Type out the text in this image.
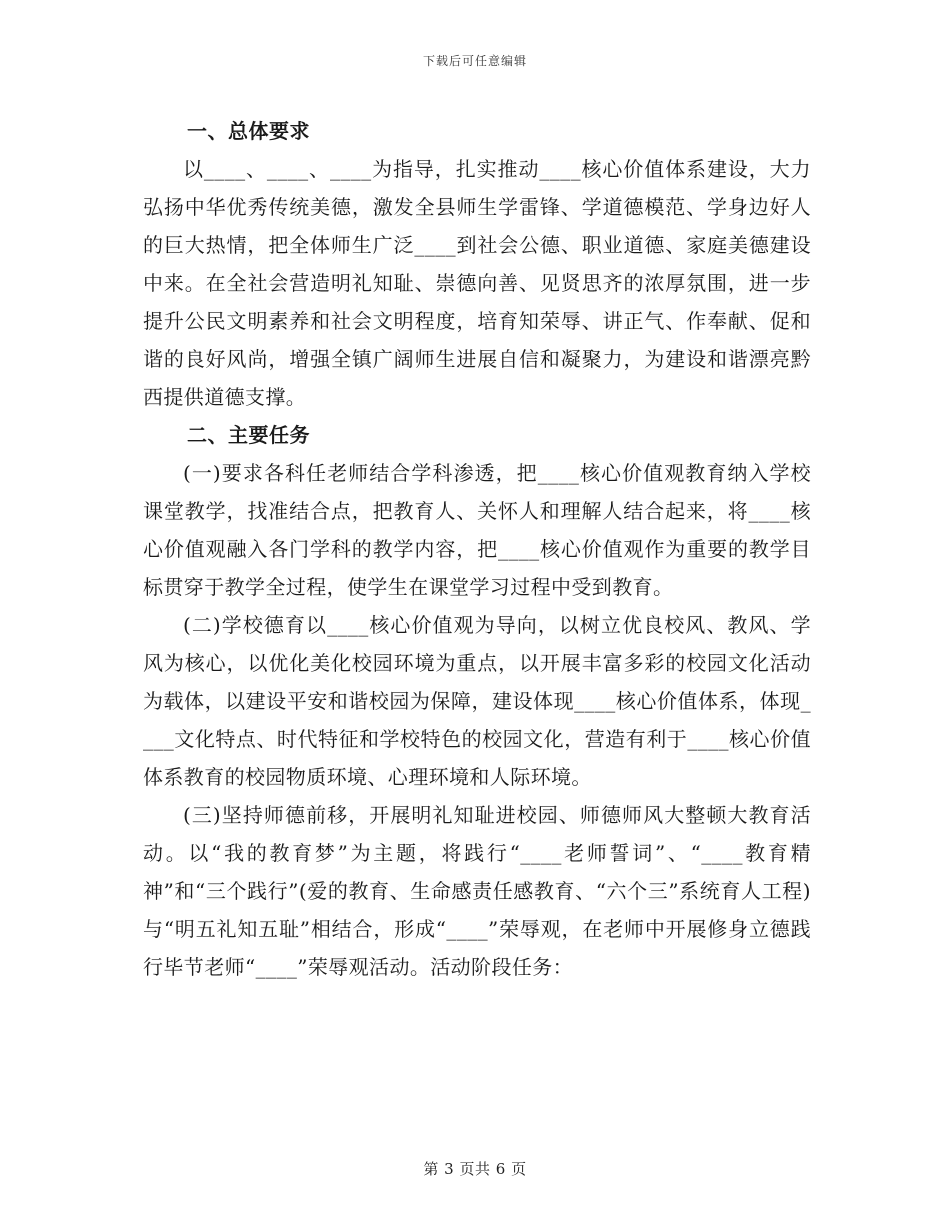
下载后可任意编辑
一、总体要求

以____、____、____为指导，扎实推动____核心价值体系建设，大力弘扬中华优秀传统美德，激发全县师生学雷锋、学道德模范、学身边好人的巨大热情，把全体师生广泛____到社会公德、职业道德、家庭美德建设中来。在全社会营造明礼知耻、崇德向善、见贤思齐的浓厚氛围，进一步提升公民文明素养和社会文明程度，培育知荣辱、讲正气、作奉献、促和谐的良好风尚，增强全镇广阔师生进展自信和凝聚力，为建设和谐漂亮黔西提供道德支撑。

二、主要任务

(一)要求各科任老师结合学科渗透，把____核心价值观教育纳入学校课堂教学，找准结合点，把教育人、关怀人和理解人结合起来，将____核心价值观融入各门学科的教学内容，把____核心价值观作为重要的教学目标贯穿于教学全过程，使学生在课堂学习过程中受到教育。

(二)学校德育以____核心价值观为导向，以树立优良校风、教风、学风为核心，以优化美化校园环境为重点，以开展丰富多彩的校园文化活动为载体，以建设平安和谐校园为保障，建设体现____核心价值体系，体现____文化特点、时代特征和学校特色的校园文化，营造有利于____核心价值体系教育的校园物质环境、心理环境和人际环境。

(三)坚持师德前移，开展明礼知耻进校园、师德师风大整顿大教育活动。以“我的教育梦”为主题，将践行“____老师誓词”、“____教育精神”和“三个践行”(爱的教育、生命感责任感教育、“六个三”系统育人工程)与“明五礼知五耻”相结合，形成“____”荣辱观，在老师中开展修身立德践行毕节老师“____”荣辱观活动。活动阶段任务：

第 3 页共 6 页
